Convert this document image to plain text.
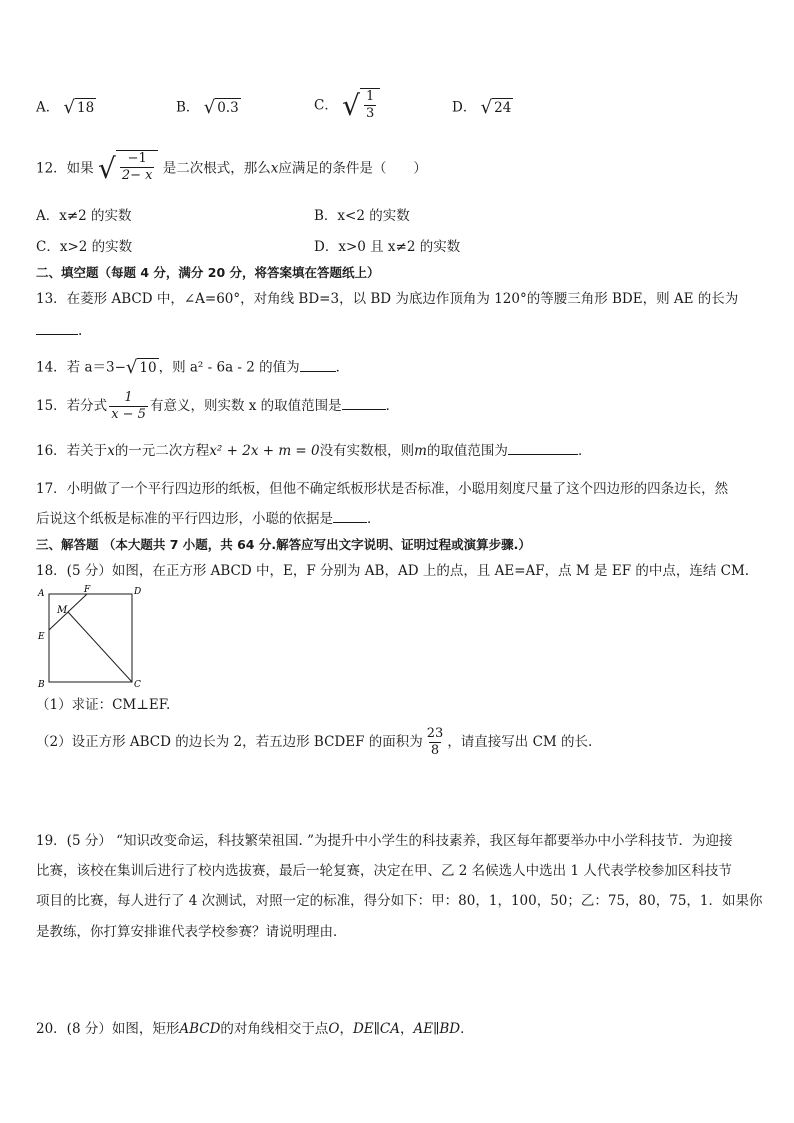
A． √ 18	B． √ 0.3	C． √ $\frac{1}{3}$	D． √ 24
12．如果 √ $\frac{-1}{2- x}$ 是二次根式，那么x应满足的条件是（　　）
A．x≠2 的实数	B．x<2 的实数
C．x>2 的实数	D．x>0 且 x≠2 的实数
二、填空题（每题 4 分，满分 20 分，将答案填在答题纸上）
13．在菱形 ABCD 中，∠A=60°，对角线 BD=3，以 BD 为底边作顶角为 120°的等腰三角形 BDE，则 AE 的长为
.
14．若 a＝3− √ 10 ，则 a² - 6a - 2 的值为	．
15．若分式 $\frac{1}{x - 5}$ 有意义，则实数 x 的取值范围是	．
16．若关于x的一元二次方程x² + 2x + m = 0没有实数根，则m的取值范围为	．
17．小明做了一个平行四边形的纸板，但他不确定纸板形状是否标准，小聪用刻度尺量了这个四边形的四条边长，然
后说这个纸板是标准的平行四边形，小聪的依据是	．
三、解答题 （本大题共 7 小题，共 64 分.解答应写出文字说明、证明过程或演算步骤.）
18．(5 分）如图，在正方形 ABCD 中，E，F 分别为 AB，AD 上的点，且 AE=AF，点 M 是 EF 的中点，连结 CM.
A	F	D
M
E
B	C
（1）求证：CM⊥EF.
（2）设正方形 ABCD 的边长为 2，若五边形 BCDEF 的面积为 $\frac{23}{8}$ ，请直接写出 CM 的长.
19．(5 分） “知识改变命运，科技繁荣祖国. ”为提升中小学生的科技素养，我区每年都要举办中小学科技节．为迎接
比赛，该校在集训后进行了校内选拔赛，最后一轮复赛，决定在甲、乙 2 名候选人中选出 1 人代表学校参加区科技节
项目的比赛，每人进行了 4 次测试，对照一定的标准，得分如下：甲：80，1，100，50；乙：75，80，75，1．如果你
是教练，你打算安排谁代表学校参赛？请说明理由．
20．(8 分）如图，矩形ABCD的对角线相交于点O，DE∥CA，AE∥BD．
